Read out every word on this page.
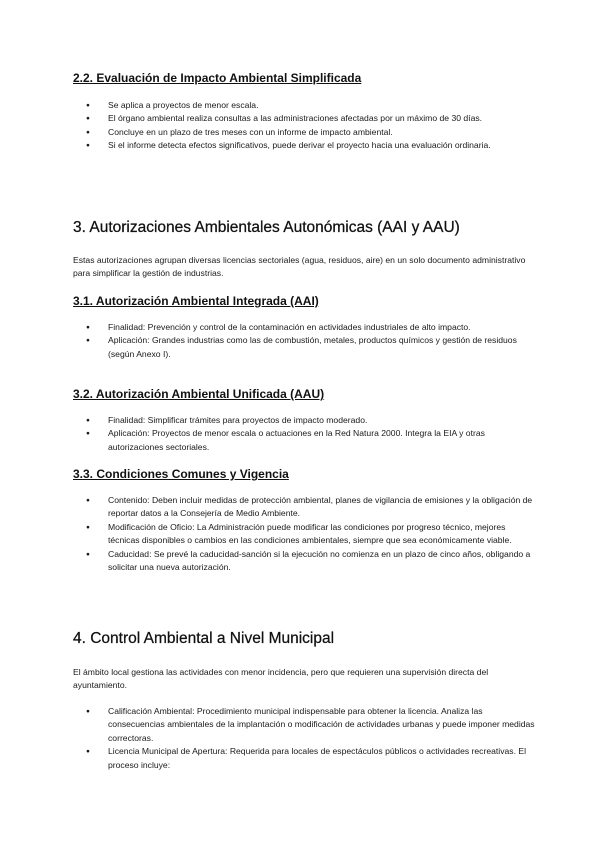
2.2. Evaluación de Impacto Ambiental Simplificada
● Se aplica a proyectos de menor escala.
● El órgano ambiental realiza consultas a las administraciones afectadas por un máximo de 30 días.
● Concluye en un plazo de tres meses con un informe de impacto ambiental.
● Si el informe detecta efectos significativos, puede derivar el proyecto hacia una evaluación ordinaria.
3. Autorizaciones Ambientales Autonómicas (AAI y AAU)

Estas autorizaciones agrupan diversas licencias sectoriales (agua, residuos, aire) en un solo documento administrativo para simplificar la gestión de industrias.

3.1. Autorización Ambiental Integrada (AAI)
● Finalidad: Prevención y control de la contaminación en actividades industriales de alto impacto.
● Aplicación: Grandes industrias como las de combustión, metales, productos químicos y gestión de residuos (según Anexo I).
3.2. Autorización Ambiental Unificada (AAU)
● Finalidad: Simplificar trámites para proyectos de impacto moderado.
● Aplicación: Proyectos de menor escala o actuaciones en la Red Natura 2000. Integra la EIA y otras autorizaciones sectoriales.
3.3. Condiciones Comunes y Vigencia
● Contenido: Deben incluir medidas de protección ambiental, planes de vigilancia de emisiones y la obligación de reportar datos a la Consejería de Medio Ambiente.
● Modificación de Oficio: La Administración puede modificar las condiciones por progreso técnico, mejores técnicas disponibles o cambios en las condiciones ambientales, siempre que sea económicamente viable.
● Caducidad: Se prevé la caducidad-sanción si la ejecución no comienza en un plazo de cinco años, obligando a solicitar una nueva autorización.
4. Control Ambiental a Nivel Municipal

El ámbito local gestiona las actividades con menor incidencia, pero que requieren una supervisión directa del ayuntamiento.

● Calificación Ambiental: Procedimiento municipal indispensable para obtener la licencia. Analiza las consecuencias ambientales de la implantación o modificación de actividades urbanas y puede imponer medidas correctoras.
● Licencia Municipal de Apertura: Requerida para locales de espectáculos públicos o actividades recreativas. El proceso incluye:
